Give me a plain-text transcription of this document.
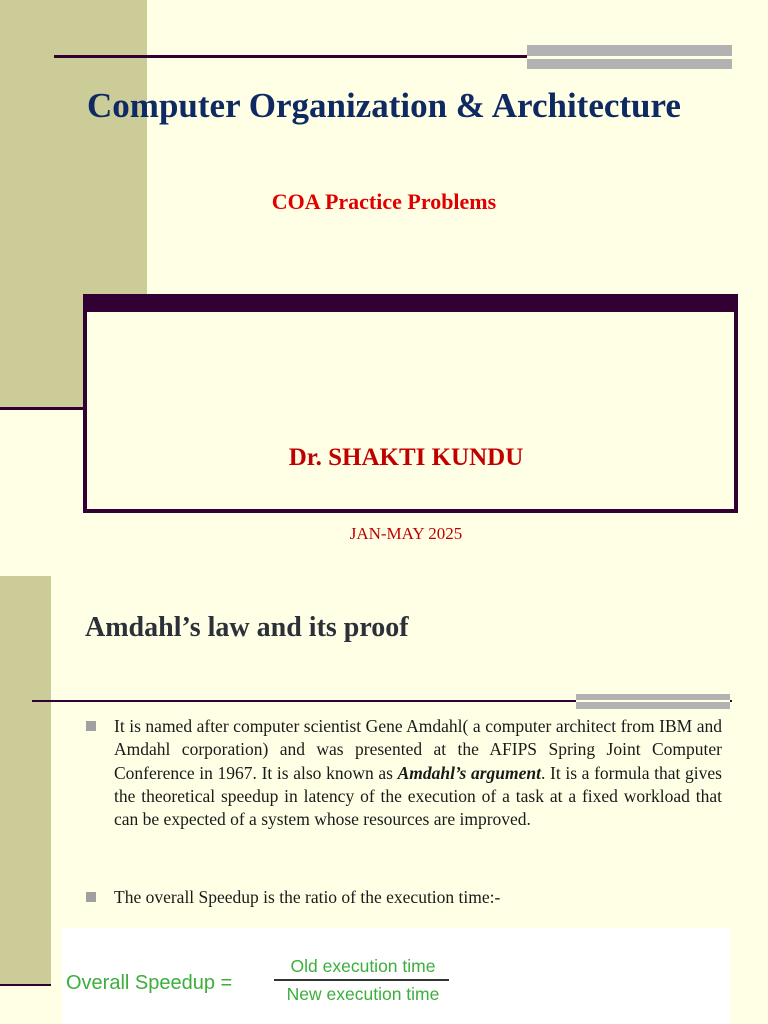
Computer Organization & Architecture
COA Practice Problems
Dr. SHAKTI KUNDU
JAN-MAY 2025
Amdahl’s law and its proof
It is named after computer scientist Gene Amdahl( a computer architect from IBM and Amdahl corporation) and was presented at the AFIPS Spring Joint Computer Conference in 1967. It is also known as Amdahl’s argument. It is a formula that gives the theoretical speedup in latency of the execution of a task at a fixed workload that can be expected of a system whose resources are improved.
The overall Speedup is the ratio of the execution time:-
Overall Speedup =
Old execution time
New execution time
